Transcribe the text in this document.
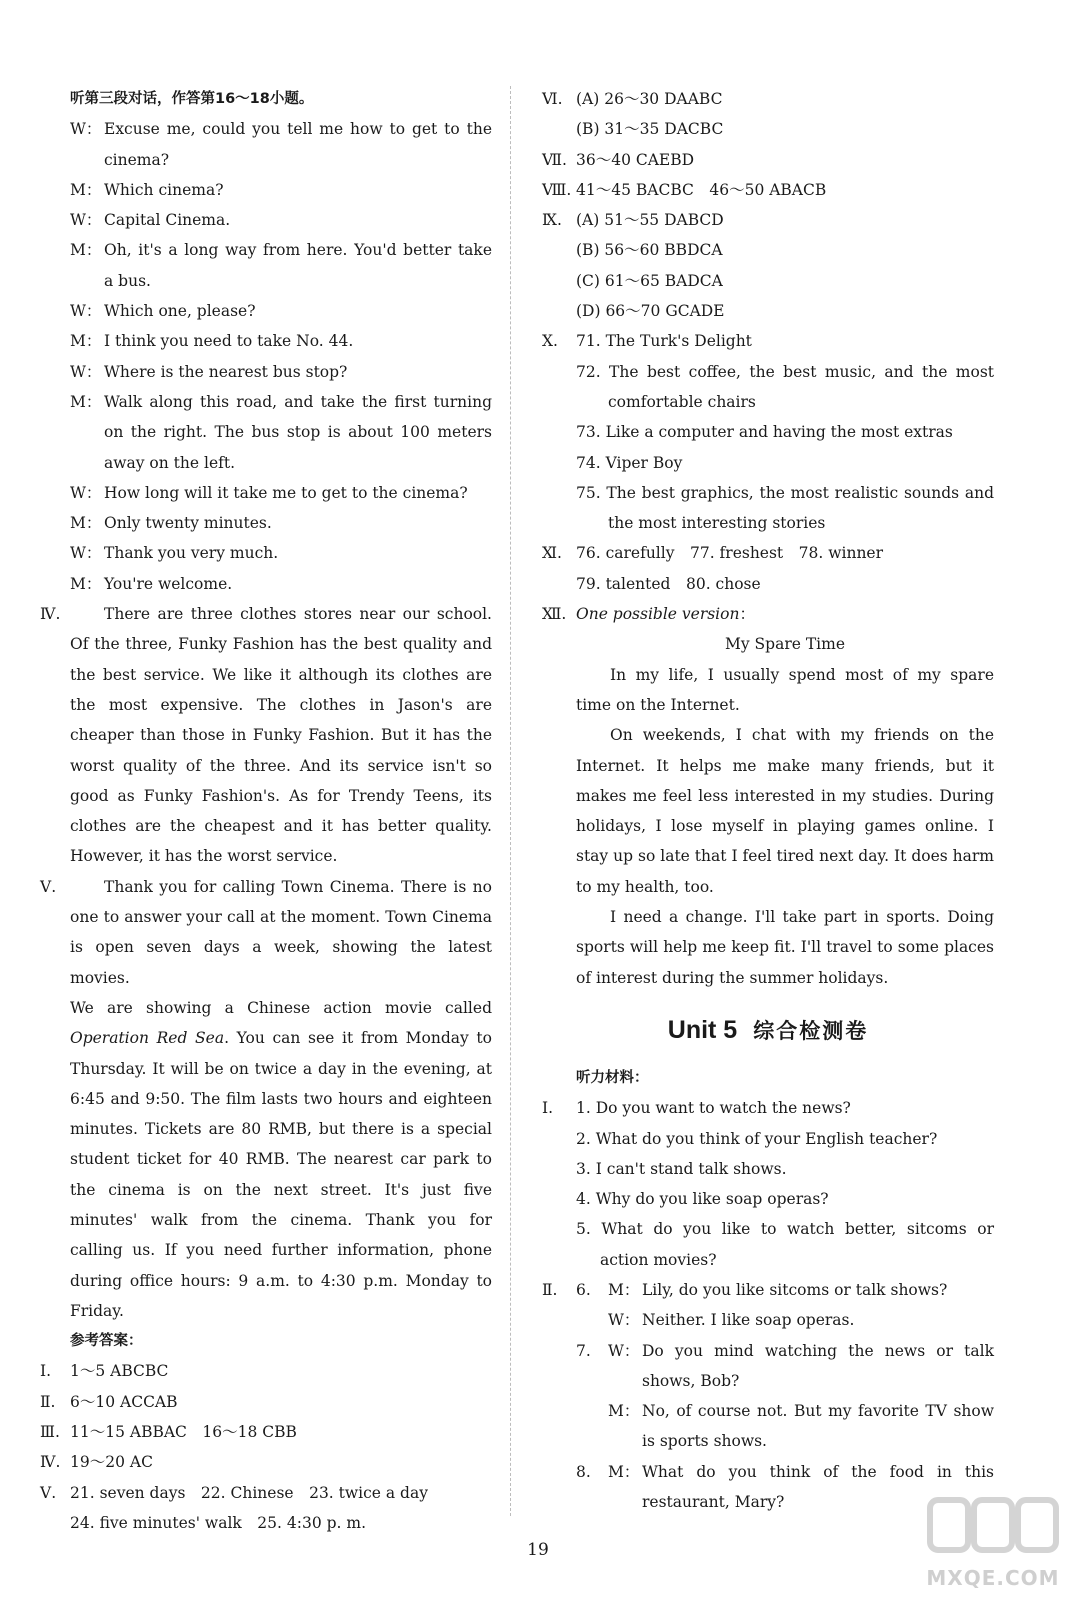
听第三段对话，作答第16～18小题。
W： Excuse me, could you tell me how to get to the
cinema?
M： Which cinema?
W： Capital Cinema.
M： Oh, it's a long way from here. You'd better take
a bus.
W： Which one, please?
M： I think you need to take No. 44.
W： Where is the nearest bus stop?
M： Walk along this road, and take the first turning
on the right. The bus stop is about 100 meters
away on the left.
W： How long will it take me to get to the cinema?
M： Only twenty minutes.
W： Thank you very much.
M： You're welcome.
Ⅳ.	There are three clothes stores near our school.
Of the three, Funky Fashion has the best quality and
the best service. We like it although its clothes are
the most expensive. The clothes in Jason's are
cheaper than those in Funky Fashion. But it has the
worst quality of the three. And its service isn't so
good as Funky Fashion's. As for Trendy Teens, its
clothes are the cheapest and it has better quality.
However, it has the worst service.
Ⅴ.	Thank you for calling Town Cinema. There is no
one to answer your call at the moment. Town Cinema
is open seven days a week, showing the latest movies.
We are showing a Chinese action movie called
Operation Red Sea. You can see it from Monday to
Thursday. It will be on twice a day in the evening, at
6:45 and 9:50. The film lasts two hours and eighteen
minutes. Tickets are 80 RMB, but there is a special
student ticket for 40 RMB. The nearest car park to
the cinema is on the next street. It's just five
minutes' walk from the cinema. Thank you for
calling us. If you need further information, phone
during office hours: 9 a.m. to 4:30 p.m. Monday to
Friday.
参考答案：
Ⅰ.	1～5 ABCBC
Ⅱ. 6～10 ACCAB
Ⅲ. 11～15 ABBAC　16～18 CBB
Ⅳ. 19～20 AC
Ⅴ. 21. seven days　22. Chinese　23. twice a day
24. five minutes' walk　25. 4:30 p. m.
Ⅵ. (A) 26～30 DAABC
(B) 31～35 DACBC
Ⅶ. 36～40 CAEBD
Ⅷ. 41～45 BACBC　46～50 ABACB
Ⅸ. (A) 51～55 DABCD
(B) 56～60 BBDCA
(C) 61～65 BADCA
(D) 66～70 GCADE
Ⅹ.	71. The Turk's Delight
72. The best coffee, the best music, and the most
comfortable chairs
73. Like a computer and having the most extras
74. Viper Boy
75. The best graphics, the most realistic sounds and
the most interesting stories
Ⅺ. 76. carefully　77. freshest　78. winner
79. talented　80. chose
Ⅻ. One possible version：
My Spare Time
In my life, I usually spend most of my spare
time on the Internet.
On weekends, I chat with my friends on the
Internet. It helps me make many friends, but it
makes me feel less interested in my studies. During
holidays, I lose myself in playing games online. I
stay up so late that I feel tired next day. It does harm
to my health, too.
I need a change. I'll take part in sports. Doing
sports will help me keep fit. I'll travel to some places
of interest during the summer holidays.
Unit 5 综合检测卷
听力材料：
Ⅰ.	1. Do you want to watch the news?
2. What do you think of your English teacher?
3. I can't stand talk shows.
4. Why do you like soap operas?
5. What do you like to watch better, sitcoms or
action movies?
Ⅱ.	6.	M： Lily, do you like sitcoms or talk shows?
W： Neither. I like soap operas.
7.	W： Do you mind watching the news or talk
shows, Bob?
M： No, of course not. But my favorite TV show
is sports shows.
8.	M： What do you think of the food in this
restaurant, Mary?
19
MXQE.COM
